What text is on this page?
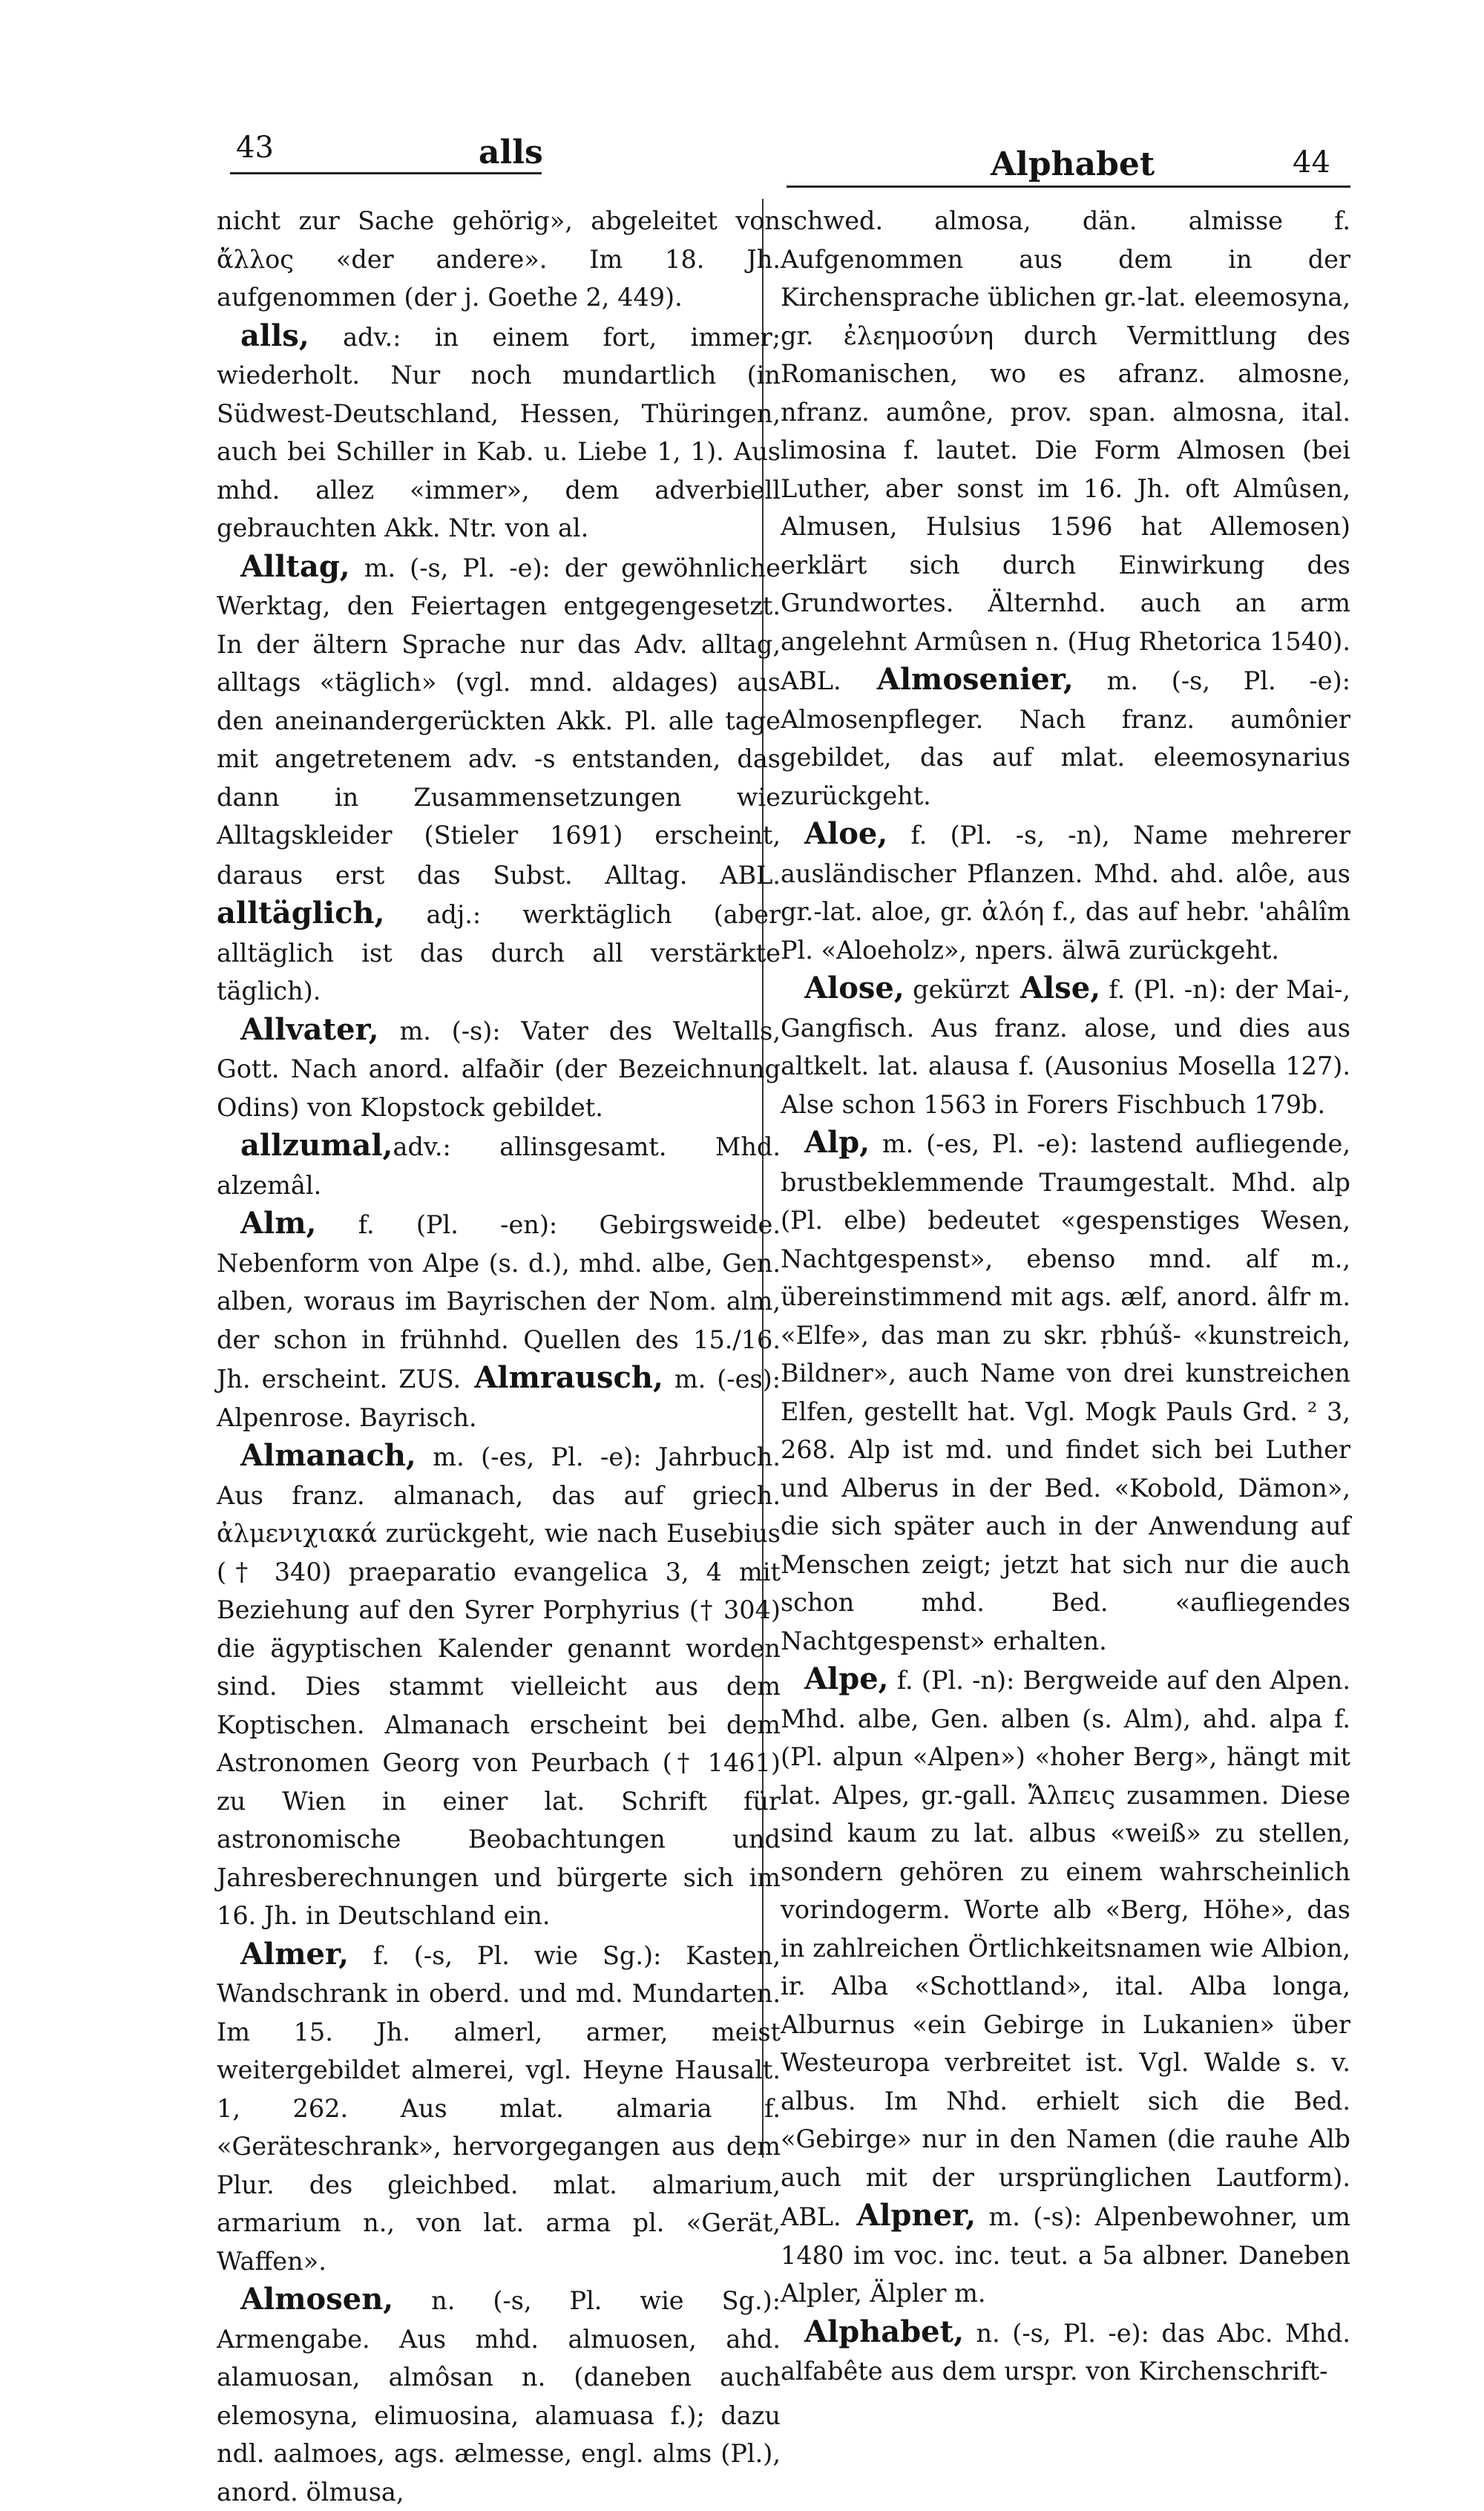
43	alls	Alphabet	44

nicht zur Sache gehörig», abgeleitet von ἄλλος «der andere». Im 18. Jh. aufgenommen (der j. Goethe 2, 449).

alls, adv.: in einem fort, immer; wiederholt. Nur noch mundartlich (in Südwest-Deutschland, Hessen, Thüringen, auch bei Schiller in Kab. u. Liebe 1, 1). Aus mhd. allez «immer», dem adverbiell gebrauchten Akk. Ntr. von al.

Alltag, m. (-s, Pl. -e): der gewöhnliche Werktag, den Feiertagen entgegengesetzt. In der ältern Sprache nur das Adv. alltag, alltags «täglich» (vgl. mnd. aldages) aus den aneinandergerückten Akk. Pl. alle tage mit angetretenem adv. -s entstanden, das dann in Zusammensetzungen wie Alltagskleider (Stieler 1691) erscheint, daraus erst das Subst. Alltag. ABL. alltäglich, adj.: werktäglich (aber alltäglich ist das durch all verstärkte täglich).

Allvater, m. (-s): Vater des Weltalls, Gott. Nach anord. alfaðir (der Bezeichnung Odins) von Klopstock gebildet.

allzumal,adv.: allinsgesamt. Mhd. alzemâl.

Alm, f. (Pl. -en): Gebirgsweide. Nebenform von Alpe (s. d.), mhd. albe, Gen. alben, woraus im Bayrischen der Nom. alm, der schon in frühnhd. Quellen des 15./16. Jh. erscheint. ZUS. Almrausch, m. (-es): Alpenrose. Bayrisch.

Almanach, m. (-es, Pl. -e): Jahrbuch. Aus franz. almanach, das auf griech. ἀλμενιχιακά zurückgeht, wie nach Eusebius († 340) praeparatio evangelica 3, 4 mit Beziehung auf den Syrer Porphyrius († 304) die ägyptischen Kalender genannt worden sind. Dies stammt vielleicht aus dem Koptischen. Almanach erscheint bei dem Astronomen Georg von Peurbach († 1461) zu Wien in einer lat. Schrift für astronomische Beobachtungen und Jahresberechnungen und bürgerte sich im 16. Jh. in Deutschland ein.

Almer, f. (-s, Pl. wie Sg.): Kasten, Wandschrank in oberd. und md. Mundarten. Im 15. Jh. almerl, armer, meist weitergebildet almerei, vgl. Heyne Hausalt. 1, 262. Aus mlat. almaria f. «Geräteschrank», hervorgegangen aus dem Plur. des gleichbed. mlat. almarium, armarium n., von lat. arma pl. «Gerät, Waffen».

Almosen, n. (-s, Pl. wie Sg.): Armengabe. Aus mhd. almuosen, ahd. alamuosan, almôsan n. (daneben auch elemosyna, elimuosina, alamuasa f.); dazu ndl. aalmoes, ags. ælmesse, engl. alms (Pl.), anord. ölmusa,

schwed. almosa, dän. almisse f. Aufgenommen aus dem in der Kirchensprache üblichen gr.-lat. eleemosyna, gr. ἐλεημοσύνη durch Vermittlung des Romanischen, wo es afranz. almosne, nfranz. aumône, prov. span. almosna, ital. limosina f. lautet. Die Form Almosen (bei Luther, aber sonst im 16. Jh. oft Almûsen, Almusen, Hulsius 1596 hat Allemosen) erklärt sich durch Einwirkung des Grundwortes. Älternhd. auch an arm angelehnt Armûsen n. (Hug Rhetorica 1540). ABL. Almosenier, m. (-s, Pl. -e): Almosenpfleger. Nach franz. aumônier gebildet, das auf mlat. eleemosynarius zurückgeht.

Aloe, f. (Pl. -s, -n), Name mehrerer ausländischer Pflanzen. Mhd. ahd. alôe, aus gr.-lat. aloe, gr. ἀλόη f., das auf hebr. 'ahâlîm Pl. «Aloeholz», npers. älwā zurückgeht.

Alose, gekürzt Alse, f. (Pl. -n): der Mai-, Gangfisch. Aus franz. alose, und dies aus altkelt. lat. alausa f. (Ausonius Mosella 127). Alse schon 1563 in Forers Fischbuch 179b.

Alp, m. (-es, Pl. -e): lastend aufliegende, brustbeklemmende Traumgestalt. Mhd. alp (Pl. elbe) bedeutet «gespenstiges Wesen, Nachtgespenst», ebenso mnd. alf m., übereinstimmend mit ags. ælf, anord. âlfr m. «Elfe», das man zu skr. ṛbhúš- «kunstreich, Bildner», auch Name von drei kunstreichen Elfen, gestellt hat. Vgl. Mogk Pauls Grd. ² 3, 268. Alp ist md. und findet sich bei Luther und Alberus in der Bed. «Kobold, Dämon», die sich später auch in der Anwendung auf Menschen zeigt; jetzt hat sich nur die auch schon mhd. Bed. «aufliegendes Nachtgespenst» erhalten.

Alpe, f. (Pl. -n): Bergweide auf den Alpen. Mhd. albe, Gen. alben (s. Alm), ahd. alpa f. (Pl. alpun «Alpen») «hoher Berg», hängt mit lat. Alpes, gr.-gall. Ἄλπεις zusammen. Diese sind kaum zu lat. albus «weiß» zu stellen, sondern gehören zu einem wahrscheinlich vorindogerm. Worte alb «Berg, Höhe», das in zahlreichen Örtlichkeitsnamen wie Albion, ir. Alba «Schottland», ital. Alba longa, Alburnus «ein Gebirge in Lukanien» über Westeuropa verbreitet ist. Vgl. Walde s. v. albus. Im Nhd. erhielt sich die Bed. «Gebirge» nur in den Namen (die rauhe Alb auch mit der ursprünglichen Lautform). ABL. Alpner, m. (-s): Alpenbewohner, um 1480 im voc. inc. teut. a 5a albner. Daneben Alpler, Älpler m.

Alphabet, n. (-s, Pl. -e): das Abc. Mhd. alfabête aus dem urspr. von Kirchenschrift-
